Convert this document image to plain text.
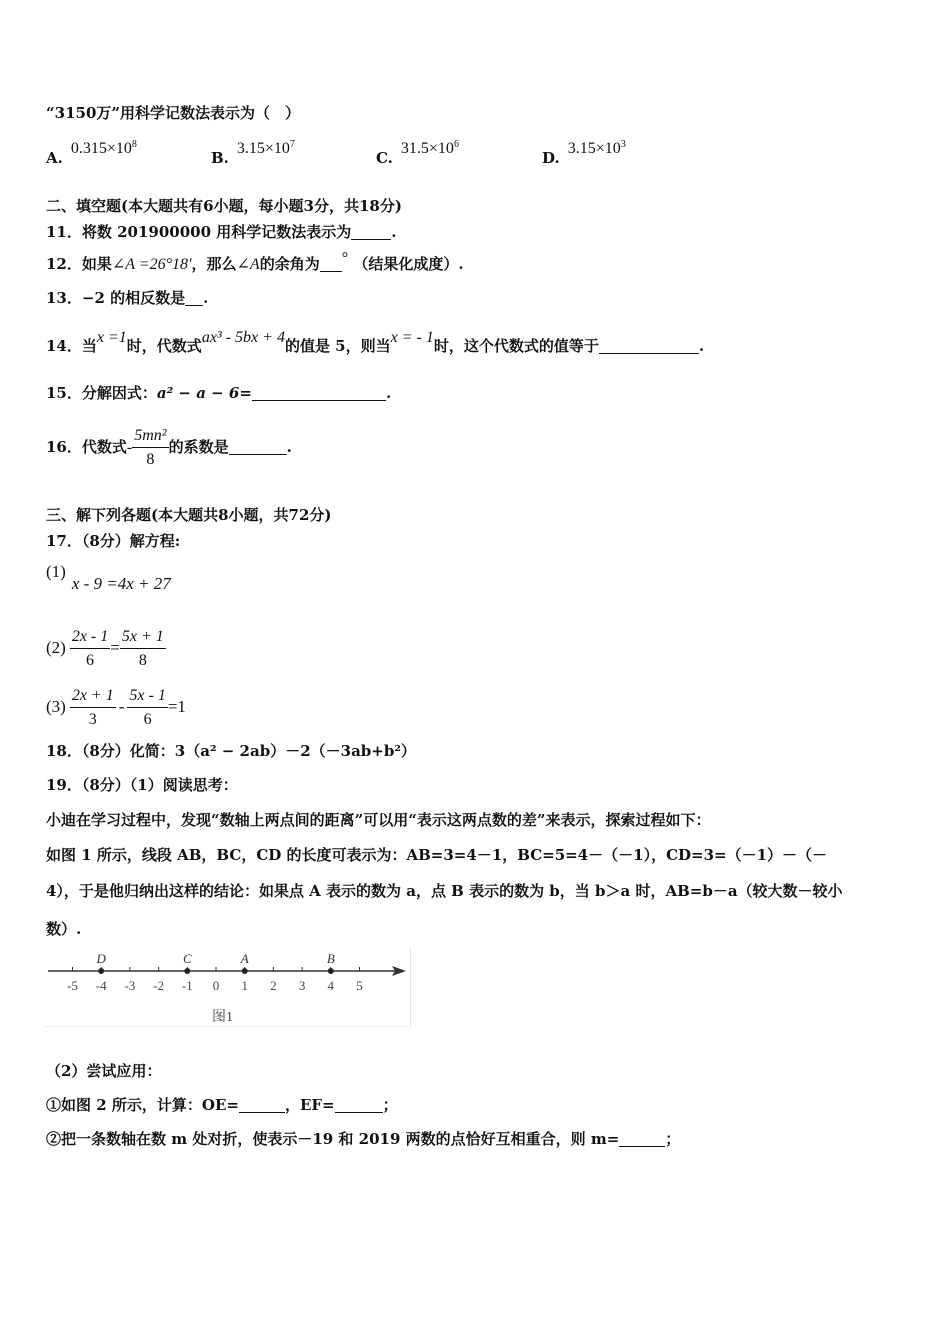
“3150万”用科学记数法表示为（　）
$A.0.315\times 10^8$
$B.3.15\times 10^7$
$C.31.5\times 10^6$
$D.3.15\times 10^3$
二、填空题(本大题共有6小题，每小题3分，共18分)
11．将数 201900000 用科学记数法表示为	.
12．如果∠A =26°18′，那么∠A的余角为 ° （结果化成度）.
13．−2 的相反数是 .
14．当x =1时，代数式ax³ - 5bx + 4的值是 5，则当x = - 1时，这个代数式的值等于	.
15．分解因式：a² − a − 6=	.
16．代数式- $\frac{\text{5mn²}}{8}$ 的系数是	.
三、解下列各题(本大题共8小题，共72分)
17．（8分）解方程:
(1)x - 9 =4x + 27
$(2) \frac{2x - 1}{6} = \frac{5x + 1}{8}$
$(3) \frac{2x + 1}{3} - \frac{5x - 1}{6} =1$
18．（8分）化简：3（a² − 2ab）－2（－3ab+b²）
19．（8分）（1）阅读思考：
小迪在学习过程中，发现“数轴上两点间的距离”可以用“表示这两点数的差”来表示，探索过程如下：
如图 1 所示，线段 AB，BC，CD 的长度可表示为：AB=3=4－1，BC=5=4－（－1），CD=3=（－1）－（－
4），于是他归纳出这样的结论：如果点 A 表示的数为 a，点 B 表示的数为 b，当 b＞a 时，AB=b－a（较大数－较小
数）.
-5 -4 -3 -2 -1 0 1 2 3 4 5
D	C	A	B
图1
（2）尝试应用：
①如图 2 所示，计算：OE=	，EF=	；
②把一条数轴在数 m 处对折，使表示－19 和 2019 两数的点恰好互相重合，则 m=	；
